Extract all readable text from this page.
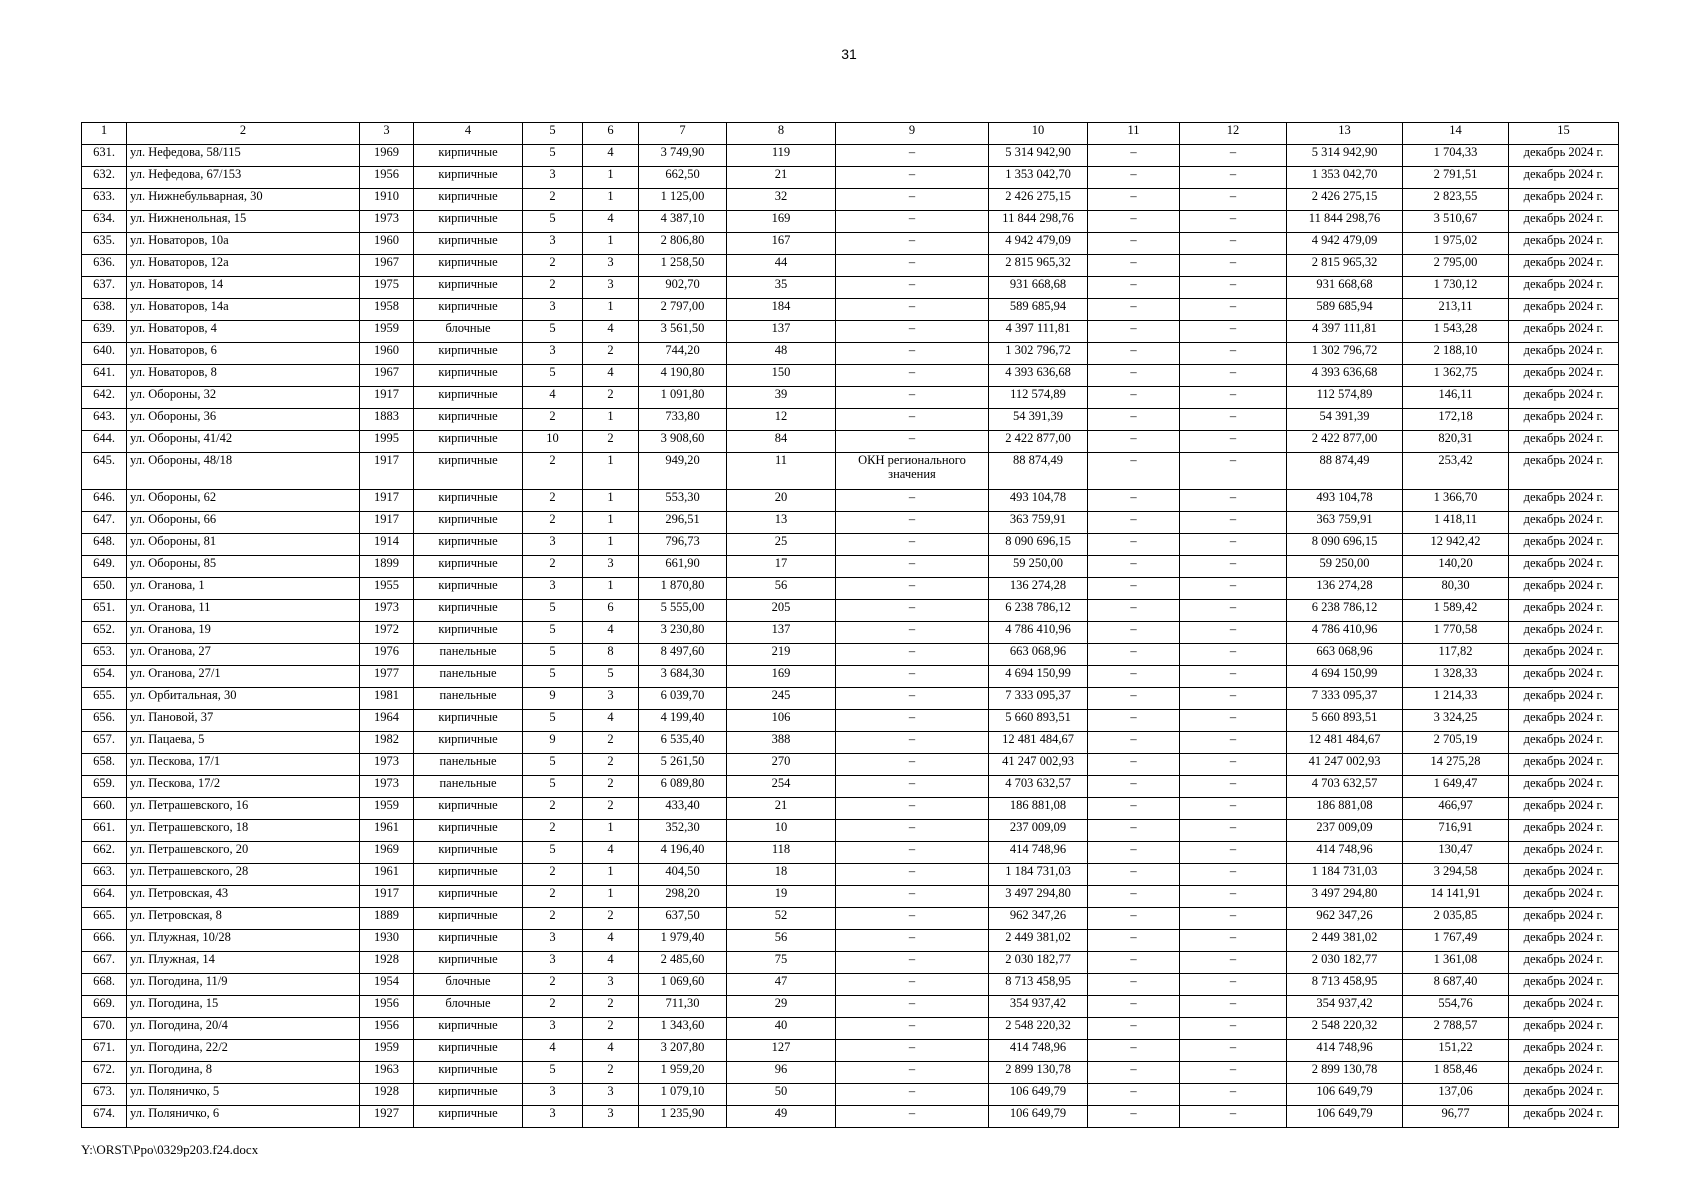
31
1	2	3	4	5	6	7	8	9	10	11	12	13	14	15
631.	ул. Нефедова, 58/115	1969	кирпичные	5	4	3 749,90	119	–	5 314 942,90	–	–	5 314 942,90	1 704,33	декабрь 2024 г.
632.	ул. Нефедова, 67/153	1956	кирпичные	3	1	662,50	21	–	1 353 042,70	–	–	1 353 042,70	2 791,51	декабрь 2024 г.
633.	ул. Нижнебульварная, 30	1910	кирпичные	2	1	1 125,00	32	–	2 426 275,15	–	–	2 426 275,15	2 823,55	декабрь 2024 г.
634.	ул. Нижненольная, 15	1973	кирпичные	5	4	4 387,10	169	–	11 844 298,76	–	–	11 844 298,76	3 510,67	декабрь 2024 г.
635.	ул. Новаторов, 10а	1960	кирпичные	3	1	2 806,80	167	–	4 942 479,09	–	–	4 942 479,09	1 975,02	декабрь 2024 г.
636.	ул. Новаторов, 12а	1967	кирпичные	2	3	1 258,50	44	–	2 815 965,32	–	–	2 815 965,32	2 795,00	декабрь 2024 г.
637.	ул. Новаторов, 14	1975	кирпичные	2	3	902,70	35	–	931 668,68	–	–	931 668,68	1 730,12	декабрь 2024 г.
638.	ул. Новаторов, 14а	1958	кирпичные	3	1	2 797,00	184	–	589 685,94	–	–	589 685,94	213,11	декабрь 2024 г.
639.	ул. Новаторов, 4	1959	блочные	5	4	3 561,50	137	–	4 397 111,81	–	–	4 397 111,81	1 543,28	декабрь 2024 г.
640.	ул. Новаторов, 6	1960	кирпичные	3	2	744,20	48	–	1 302 796,72	–	–	1 302 796,72	2 188,10	декабрь 2024 г.
641.	ул. Новаторов, 8	1967	кирпичные	5	4	4 190,80	150	–	4 393 636,68	–	–	4 393 636,68	1 362,75	декабрь 2024 г.
642.	ул. Обороны, 32	1917	кирпичные	4	2	1 091,80	39	–	112 574,89	–	–	112 574,89	146,11	декабрь 2024 г.
643.	ул. Обороны, 36	1883	кирпичные	2	1	733,80	12	–	54 391,39	–	–	54 391,39	172,18	декабрь 2024 г.
644.	ул. Обороны, 41/42	1995	кирпичные	10	2	3 908,60	84	–	2 422 877,00	–	–	2 422 877,00	820,31	декабрь 2024 г.
645.	ул. Обороны, 48/18	1917	кирпичные	2	1	949,20	11	ОКН регионального значения	88 874,49	–	–	88 874,49	253,42	декабрь 2024 г.
646.	ул. Обороны, 62	1917	кирпичные	2	1	553,30	20	–	493 104,78	–	–	493 104,78	1 366,70	декабрь 2024 г.
647.	ул. Обороны, 66	1917	кирпичные	2	1	296,51	13	–	363 759,91	–	–	363 759,91	1 418,11	декабрь 2024 г.
648.	ул. Обороны, 81	1914	кирпичные	3	1	796,73	25	–	8 090 696,15	–	–	8 090 696,15	12 942,42	декабрь 2024 г.
649.	ул. Обороны, 85	1899	кирпичные	2	3	661,90	17	–	59 250,00	–	–	59 250,00	140,20	декабрь 2024 г.
650.	ул. Оганова, 1	1955	кирпичные	3	1	1 870,80	56	–	136 274,28	–	–	136 274,28	80,30	декабрь 2024 г.
651.	ул. Оганова, 11	1973	кирпичные	5	6	5 555,00	205	–	6 238 786,12	–	–	6 238 786,12	1 589,42	декабрь 2024 г.
652.	ул. Оганова, 19	1972	кирпичные	5	4	3 230,80	137	–	4 786 410,96	–	–	4 786 410,96	1 770,58	декабрь 2024 г.
653.	ул. Оганова, 27	1976	панельные	5	8	8 497,60	219	–	663 068,96	–	–	663 068,96	117,82	декабрь 2024 г.
654.	ул. Оганова, 27/1	1977	панельные	5	5	3 684,30	169	–	4 694 150,99	–	–	4 694 150,99	1 328,33	декабрь 2024 г.
655.	ул. Орбитальная, 30	1981	панельные	9	3	6 039,70	245	–	7 333 095,37	–	–	7 333 095,37	1 214,33	декабрь 2024 г.
656.	ул. Пановой, 37	1964	кирпичные	5	4	4 199,40	106	–	5 660 893,51	–	–	5 660 893,51	3 324,25	декабрь 2024 г.
657.	ул. Пацаева, 5	1982	кирпичные	9	2	6 535,40	388	–	12 481 484,67	–	–	12 481 484,67	2 705,19	декабрь 2024 г.
658.	ул. Пескова, 17/1	1973	панельные	5	2	5 261,50	270	–	41 247 002,93	–	–	41 247 002,93	14 275,28	декабрь 2024 г.
659.	ул. Пескова, 17/2	1973	панельные	5	2	6 089,80	254	–	4 703 632,57	–	–	4 703 632,57	1 649,47	декабрь 2024 г.
660.	ул. Петрашевского, 16	1959	кирпичные	2	2	433,40	21	–	186 881,08	–	–	186 881,08	466,97	декабрь 2024 г.
661.	ул. Петрашевского, 18	1961	кирпичные	2	1	352,30	10	–	237 009,09	–	–	237 009,09	716,91	декабрь 2024 г.
662.	ул. Петрашевского, 20	1969	кирпичные	5	4	4 196,40	118	–	414 748,96	–	–	414 748,96	130,47	декабрь 2024 г.
663.	ул. Петрашевского, 28	1961	кирпичные	2	1	404,50	18	–	1 184 731,03	–	–	1 184 731,03	3 294,58	декабрь 2024 г.
664.	ул. Петровская, 43	1917	кирпичные	2	1	298,20	19	–	3 497 294,80	–	–	3 497 294,80	14 141,91	декабрь 2024 г.
665.	ул. Петровская, 8	1889	кирпичные	2	2	637,50	52	–	962 347,26	–	–	962 347,26	2 035,85	декабрь 2024 г.
666.	ул. Плужная, 10/28	1930	кирпичные	3	4	1 979,40	56	–	2 449 381,02	–	–	2 449 381,02	1 767,49	декабрь 2024 г.
667.	ул. Плужная, 14	1928	кирпичные	3	4	2 485,60	75	–	2 030 182,77	–	–	2 030 182,77	1 361,08	декабрь 2024 г.
668.	ул. Погодина, 11/9	1954	блочные	2	3	1 069,60	47	–	8 713 458,95	–	–	8 713 458,95	8 687,40	декабрь 2024 г.
669.	ул. Погодина, 15	1956	блочные	2	2	711,30	29	–	354 937,42	–	–	354 937,42	554,76	декабрь 2024 г.
670.	ул. Погодина, 20/4	1956	кирпичные	3	2	1 343,60	40	–	2 548 220,32	–	–	2 548 220,32	2 788,57	декабрь 2024 г.
671.	ул. Погодина, 22/2	1959	кирпичные	4	4	3 207,80	127	–	414 748,96	–	–	414 748,96	151,22	декабрь 2024 г.
672.	ул. Погодина, 8	1963	кирпичные	5	2	1 959,20	96	–	2 899 130,78	–	–	2 899 130,78	1 858,46	декабрь 2024 г.
673.	ул. Поляничко, 5	1928	кирпичные	3	3	1 079,10	50	–	106 649,79	–	–	106 649,79	137,06	декабрь 2024 г.
674.	ул. Поляничко, 6	1927	кирпичные	3	3	1 235,90	49	–	106 649,79	–	–	106 649,79	96,77	декабрь 2024 г.
Y:\ORST\Ppo\0329p203.f24.docx
